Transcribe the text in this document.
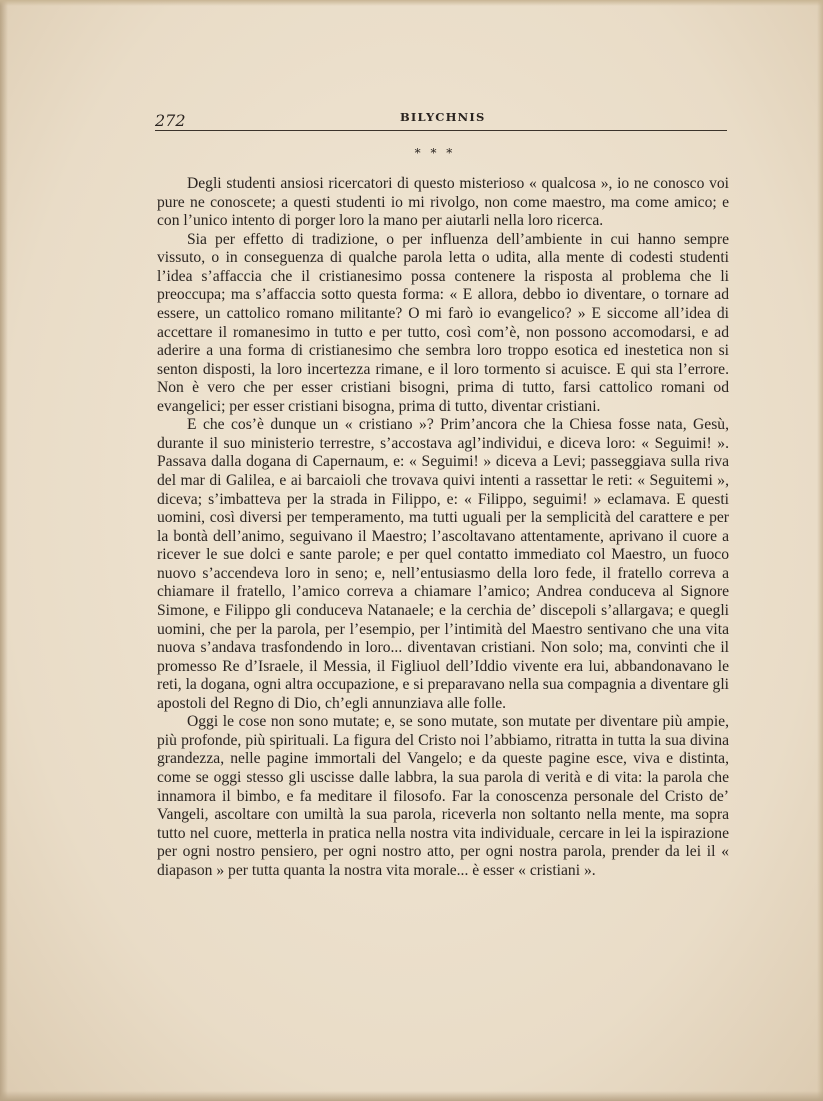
272	BILYCHNIS
* * *

Degli studenti ansiosi ricercatori di questo misterioso « qualcosa », io ne conosco voi pure ne conoscete; a questi studenti io mi rivolgo, non come maestro, ma come amico; e con l’unico intento di porger loro la mano per aiutarli nella loro ricerca.

Sia per effetto di tradizione, o per influenza dell’ambiente in cui hanno sempre vissuto, o in conseguenza di qualche parola letta o udita, alla mente di codesti studenti l’idea s’affaccia che il cristianesimo possa contenere la risposta al problema che li preoccupa; ma s’affaccia sotto questa forma: « E allora, debbo io diventare, o tornare ad essere, un cattolico romano militante? O mi farò io evangelico? » E siccome all’idea di accettare il romanesimo in tutto e per tutto, così com’è, non possono accomodarsi, e ad aderire a una forma di cristianesimo che sembra loro troppo esotica ed inestetica non si senton disposti, la loro incertezza rimane, e il loro tormento si acuisce. E qui sta l’errore. Non è vero che per esser cristiani bisogni, prima di tutto, farsi cattolico romani od evangelici; per esser cristiani bisogna, prima di tutto, diventar cristiani.

E che cos’è dunque un « cristiano »? Prim’ancora che la Chiesa fosse nata, Gesù, durante il suo ministerio terrestre, s’accostava agl’individui, e diceva loro: « Seguimi! ». Passava dalla dogana di Capernaum, e: « Seguimi! » diceva a Levi; passeggiava sulla riva del mar di Galilea, e ai barcaioli che trovava quivi intenti a rassettar le reti: « Seguitemi », diceva; s’imbatteva per la strada in Filippo, e: « Filippo, seguimi! » eclamava. E questi uomini, così diversi per temperamento, ma tutti uguali per la semplicità del carattere e per la bontà dell’animo, seguivano il Maestro; l’ascoltavano attentamente, aprivano il cuore a ricever le sue dolci e sante parole; e per quel contatto immediato col Maestro, un fuoco nuovo s’accendeva loro in seno; e, nell’entusiasmo della loro fede, il fratello correva a chiamare il fratello, l’amico correva a chiamare l’amico; Andrea conduceva al Signore Simone, e Filippo gli conduceva Natanaele; e la cerchia de’ discepoli s’allargava; e quegli uomini, che per la parola, per l’esempio, per l’intimità del Maestro sentivano che una vita nuova s’andava trasfondendo in loro... diventavan cristiani. Non solo; ma, convinti che il promesso Re d’Israele, il Messia, il Figliuol dell’Iddio vivente era lui, abbandonavano le reti, la dogana, ogni altra occupazione, e si preparavano nella sua compagnia a diventare gli apostoli del Regno di Dio, ch’egli annunziava alle folle.

Oggi le cose non sono mutate; e, se sono mutate, son mutate per diventare più ampie, più profonde, più spirituali. La figura del Cristo noi l’abbiamo, ritratta in tutta la sua divina grandezza, nelle pagine immortali del Vangelo; e da queste pagine esce, viva e distinta, come se oggi stesso gli uscisse dalle labbra, la sua parola di verità e di vita: la parola che innamora il bimbo, e fa meditare il filosofo. Far la conoscenza personale del Cristo de’ Vangeli, ascoltare con umiltà la sua parola, riceverla non soltanto nella mente, ma sopra tutto nel cuore, metterla in pratica nella nostra vita individuale, cercare in lei la ispirazione per ogni nostro pensiero, per ogni nostro atto, per ogni nostra parola, prender da lei il « diapason » per tutta quanta la nostra vita morale... è esser « cristiani ».
